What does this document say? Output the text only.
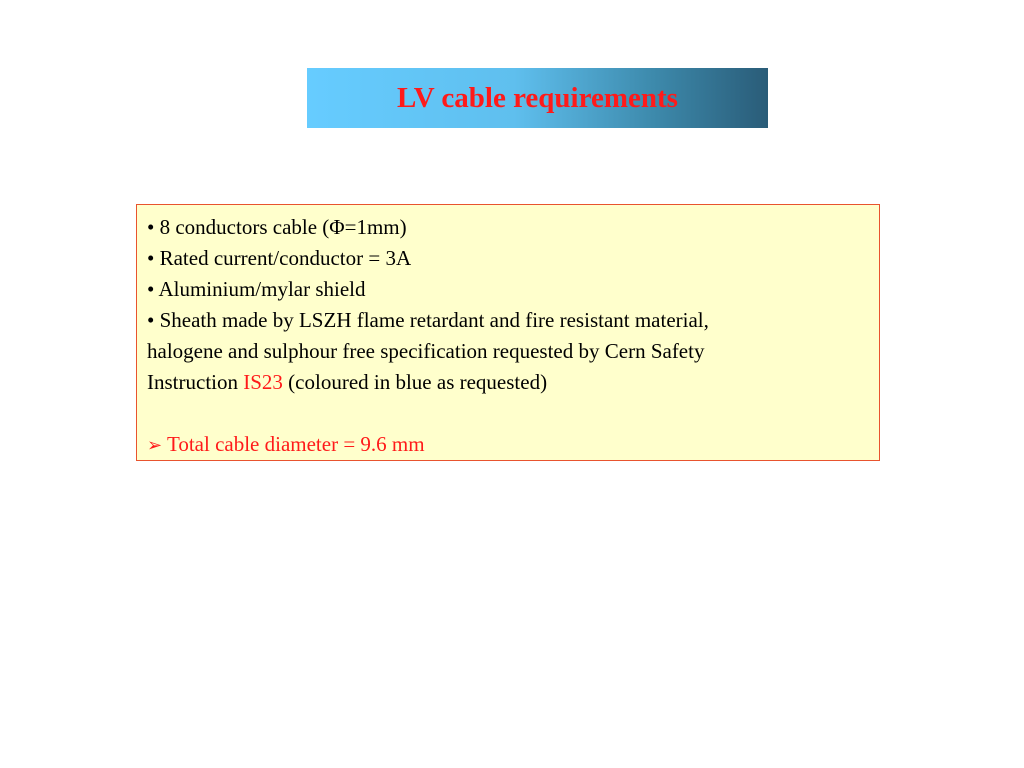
LV cable requirements
• 8 conductors cable (Φ=1mm)
• Rated current/conductor = 3A
• Aluminium/mylar shield
• Sheath made by LSZH flame retardant and fire resistant material,
halogene and sulphour free specification requested by Cern Safety
Instruction IS23 (coloured in blue as requested)
➢ Total cable diameter = 9.6 mm
